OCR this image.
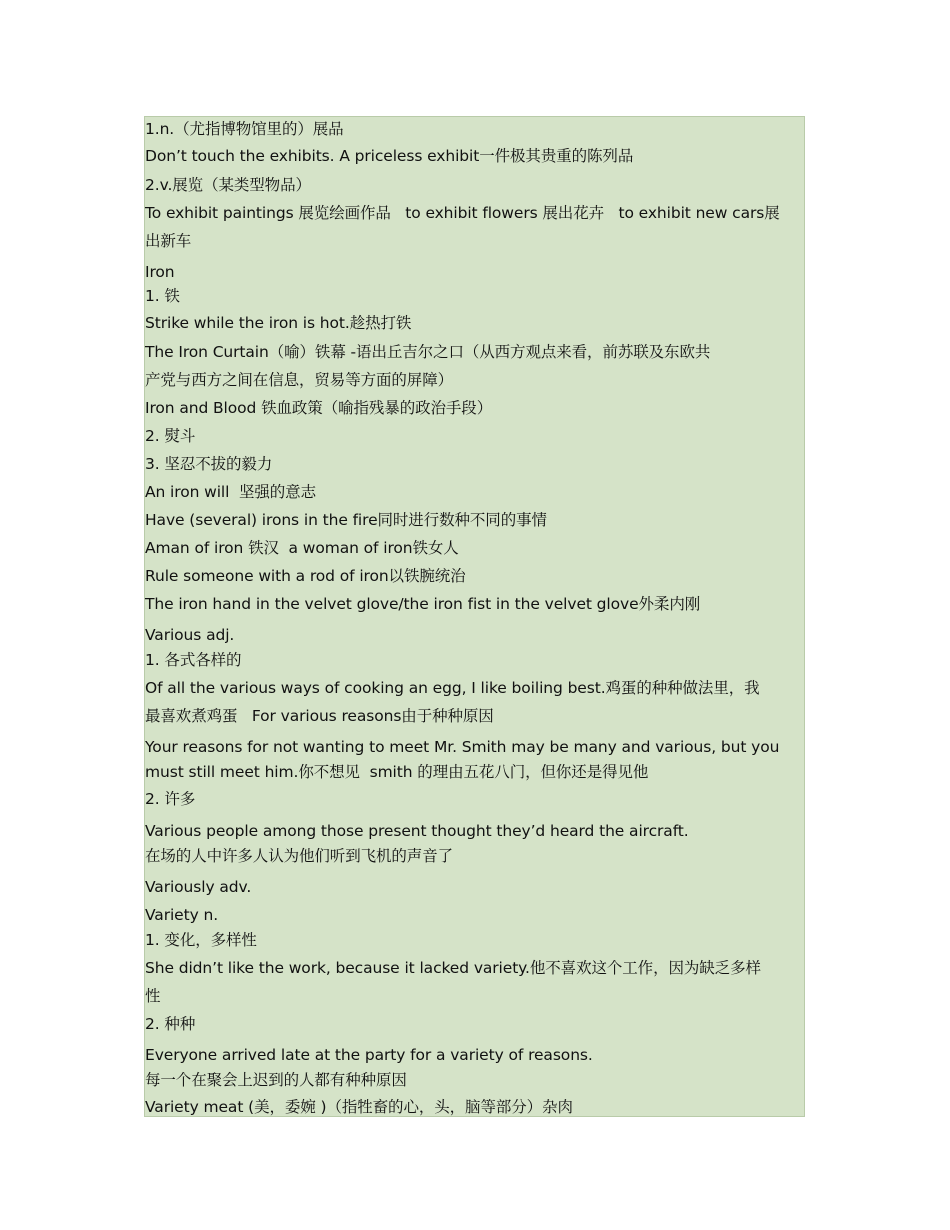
1.n.（尤指博物馆里的）展品
Don’t touch the exhibits. A priceless exhibit一件极其贵重的陈列品
2.v.展览（某类型物品）
To exhibit paintings 展览绘画作品   to exhibit flowers 展出花卉   to exhibit new cars展
出新车
Iron
1. 铁
Strike while the iron is hot.趁热打铁
The Iron Curtain（喻）铁幕 -语出丘吉尔之口（从西方观点来看，前苏联及东欧共
产党与西方之间在信息，贸易等方面的屏障）
Iron and Blood 铁血政策（喻指残暴的政治手段）
2. 熨斗
3. 坚忍不拔的毅力
An iron will  坚强的意志
Have (several) irons in the fire同时进行数种不同的事情
Aman of iron 铁汉  a woman of iron铁女人
Rule someone with a rod of iron以铁腕统治
The iron hand in the velvet glove/the iron fist in the velvet glove外柔内刚
Various adj.
1. 各式各样的
Of all the various ways of cooking an egg, I like boiling best.鸡蛋的种种做法里，我
最喜欢煮鸡蛋   For various reasons由于种种原因
Your reasons for not wanting to meet Mr. Smith may be many and various, but you
must still meet him.你不想见  smith 的理由五花八门，但你还是得见他
2. 许多
Various people among those present thought they’d heard the aircraft.
在场的人中许多人认为他们听到飞机的声音了
Variously adv.
Variety n.
1. 变化，多样性
She didn’t like the work, because it lacked variety.他不喜欢这个工作，因为缺乏多样
性
2. 种种
Everyone arrived late at the party for a variety of reasons.
每一个在聚会上迟到的人都有种种原因
Variety meat (美，委婉 )（指牲畜的心，头，脑等部分）杂肉
